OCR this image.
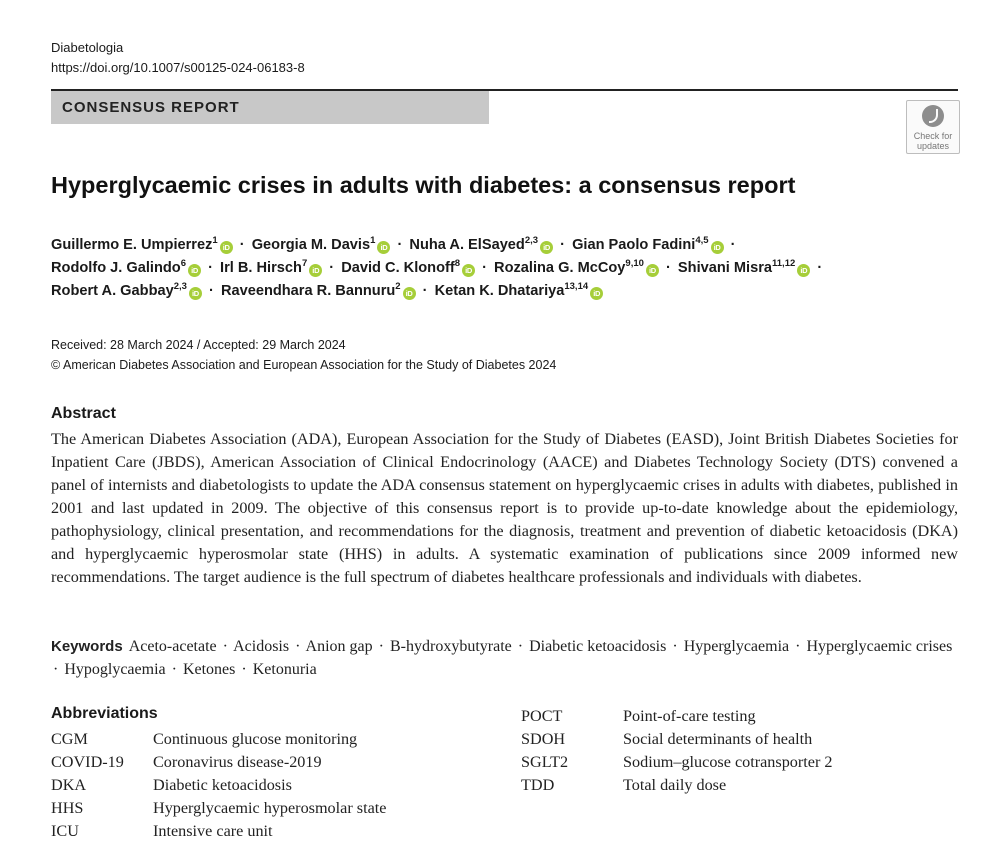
Diabetologia
https://doi.org/10.1007/s00125-024-06183-8
CONSENSUS REPORT
Check for
updates
Hyperglycaemic crises in adults with diabetes: a consensus report
Guillermo E. Umpierrez$^1$iD · Georgia M. Davis$^1$iD · Nuha A. ElSayed$^{2,3}$iD · Gian Paolo Fadini$^{4,5}$iD ·
Rodolfo J. Galindo$^6$iD · Irl B. Hirsch$^7$iD · David C. Klonoff$^8$iD · Rozalina G. McCoy$^{9,10}$iD · Shivani Misra$^{11,12}$iD ·
Robert A. Gabbay$^{2,3}$iD · Raveendhara R. Bannuru$^2$iD · Ketan K. Dhatariya$^{13,14}$iD
Received: 28 March 2024 / Accepted: 29 March 2024
© American Diabetes Association and European Association for the Study of Diabetes 2024
Abstract
The American Diabetes Association (ADA), European Association for the Study of Diabetes (EASD), Joint British Diabetes Societies for Inpatient Care (JBDS), American Association of Clinical Endocrinology (AACE) and Diabetes Technology Society (DTS) convened a panel of internists and diabetologists to update the ADA consensus statement on hyperglycaemic crises in adults with diabetes, published in 2001 and last updated in 2009. The objective of this consensus report is to provide up-to-date knowledge about the epidemiology, pathophysiology, clinical presentation, and recommendations for the diagnosis, treatment and prevention of diabetic ketoacidosis (DKA) and hyperglycaemic hyperosmolar state (HHS) in adults. A systematic examination of publications since 2009 informed new recommendations. The target audience is the full spectrum of diabetes healthcare professionals and individuals with diabetes.
Keywords Aceto-acetate · Acidosis · Anion gap · B-hydroxybutyrate · Diabetic ketoacidosis · Hyperglycaemia · Hyperglycaemic crises · Hypoglycaemia · Ketones · Ketonuria
Abbreviations
CGM	Continuous glucose monitoring
COVID-19 Coronavirus disease-2019
DKA	Diabetic ketoacidosis
HHS	Hyperglycaemic hyperosmolar state
ICU	Intensive care unit
POCT	Point-of-care testing
SDOH	Social determinants of health
SGLT2	Sodium–glucose cotransporter 2
TDD	Total daily dose
